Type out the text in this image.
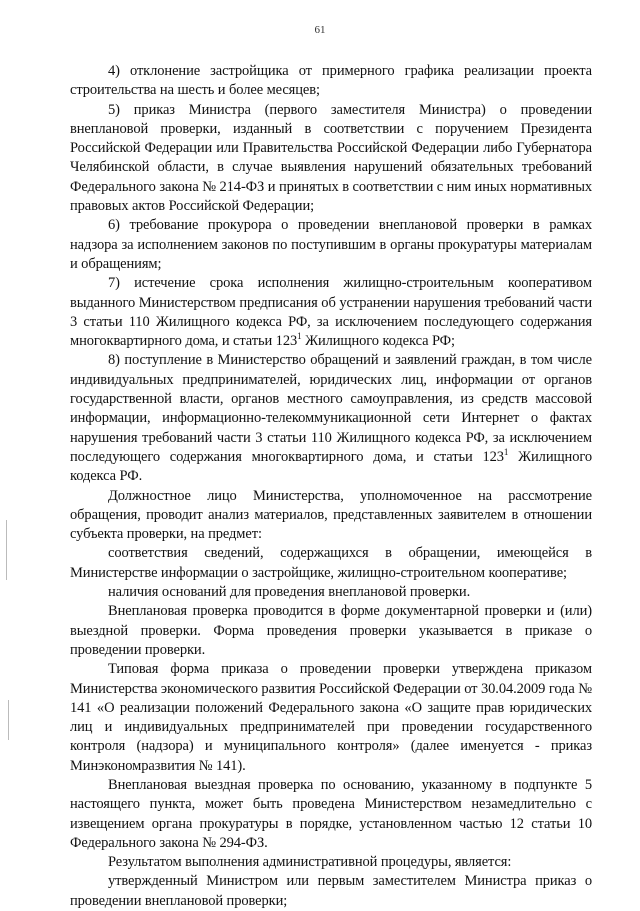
61

4) отклонение застройщика от примерного графика реализации проекта строительства на шесть и более месяцев;

5) приказ Министра (первого заместителя Министра) о проведении внеплановой проверки, изданный в соответствии с поручением Президента Российской Федерации или Правительства Российской Федерации либо Губернатора Челябинской области, в случае выявления нарушений обязательных требований Федерального закона № 214-ФЗ и принятых в соответствии с ним иных нормативных правовых актов Российской Федерации;

6) требование прокурора о проведении внеплановой проверки в рамках надзора за исполнением законов по поступившим в органы прокуратуры материалам и обращениям;

7) истечение срока исполнения жилищно-строительным кооперативом выданного Министерством предписания об устранении нарушения требований части 3 статьи 110 Жилищного кодекса РФ, за исключением последующего содержания многоквартирного дома, и статьи $123^1$ Жилищного кодекса РФ;

8) поступление в Министерство обращений и заявлений граждан, в том числе индивидуальных предпринимателей, юридических лиц, информации от органов государственной власти, органов местного самоуправления, из средств массовой информации, информационно-телекоммуникационной сети Интернет о фактах нарушения требований части 3 статьи 110 Жилищного кодекса РФ, за исключением последующего содержания многоквартирного дома, и статьи $123^1$ Жилищного кодекса РФ.

Должностное лицо Министерства, уполномоченное на рассмотрение обращения, проводит анализ материалов, представленных заявителем в отношении субъекта проверки, на предмет:

соответствия сведений, содержащихся в обращении, имеющейся в Министерстве информации о застройщике, жилищно-строительном кооперативе;

наличия оснований для проведения внеплановой проверки.

Внеплановая проверка проводится в форме документарной проверки и (или) выездной проверки. Форма проведения проверки указывается в приказе о проведении проверки.

Типовая форма приказа о проведении проверки утверждена приказом Министерства экономического развития Российской Федерации от 30.04.2009 года № 141 «О реализации положений Федерального закона «О защите прав юридических лиц и индивидуальных предпринимателей при проведении государственного контроля (надзора) и муниципального контроля» (далее именуется - приказ Минэкономразвития № 141).

Внеплановая выездная проверка по основанию, указанному в подпункте 5 настоящего пункта, может быть проведена Министерством незамедлительно с извещением органа прокуратуры в порядке, установленном частью 12 статьи 10 Федерального закона № 294-ФЗ.

Результатом выполнения административной процедуры, является:

утвержденный Министром или первым заместителем Министра приказ о проведении внеплановой проверки;
